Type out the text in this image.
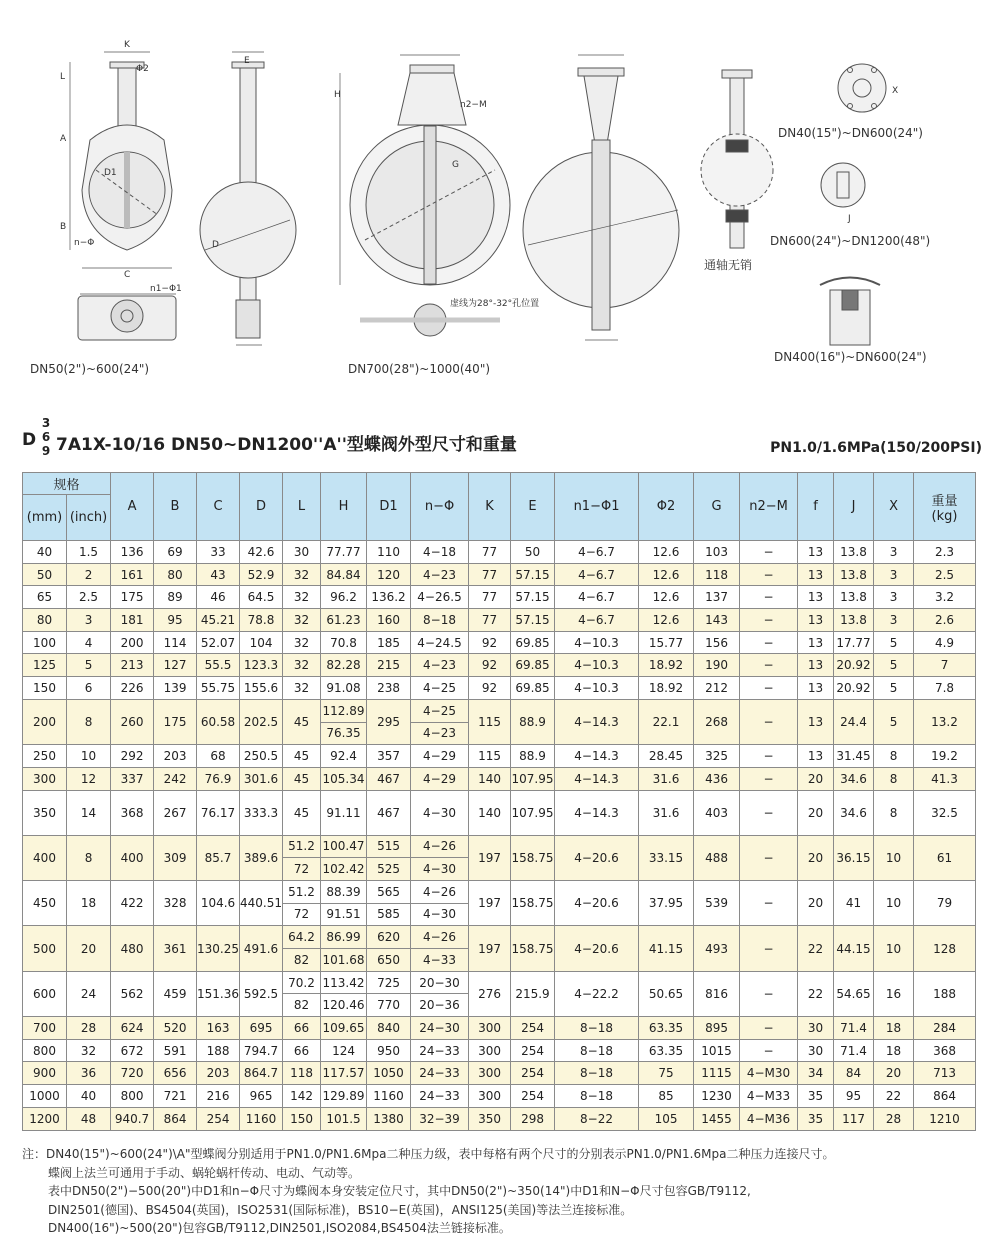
DN50(2")~600(24")	DN700(28")~1000(40")
DN40(15")~DN600(24")
DN600(24")~DN1200(48")
DN400(16")~DN600(24")
通轴无销
K
Φ2
L
A
B
C
E
D
D1
G
H
n−Φ
n2−M
n1−Φ1
X
J
虚线为28°-32°孔位置
D
3
6
9 7A1X-10/16 DN50~DN1200''A''型蝶阀外型尺寸和重量	PN1.0/1.6MPa(150/200PSI)
规格		A	B	C	D	L	H	D1	n−Φ	K	E	n1−Φ1	Φ2	G	n2−M	f	J	X	重量
(kg)

(mm)	(inch)																		
40	1.5	136	69	33	42.6	30	77.77	110	4−18	77	50	4−6.7	12.6	103	−	13	13.8	3	2.3
50	2	161	80	43	52.9	32	84.84	120	4−23	77	57.15	4−6.7	12.6	118	−	13	13.8	3	2.5
65	2.5	175	89	46	64.5	32	96.2	136.2	4−26.5	77	57.15	4−6.7	12.6	137	−	13	13.8	3	3.2
80	3	181	95	45.21	78.8	32	61.23	160	8−18	77	57.15	4−6.7	12.6	143	−	13	13.8	3	2.6
100	4	200	114	52.07	104	32	70.8	185	4−24.5	92	69.85	4−10.3	15.77	156	−	13	17.77	5	4.9
125	5	213	127	55.5	123.3	32	82.28	215	4−23	92	69.85	4−10.3	18.92	190	−	13	20.92	5	7
150	6	226	139	55.75	155.6	32	91.08	238	4−25	92	69.85	4−10.3	18.92	212	−	13	20.92	5	7.8
200	8	260	175	60.58	202.5	45	112.89	295	4−25	115	88.9	4−14.3	22.1	268	−	13	24.4	5	13.2
							76.35		4−23										
250	10	292	203	68	250.5	45	92.4	357	4−29	115	88.9	4−14.3	28.45	325	−	13	31.45	8	19.2
300	12	337	242	76.9	301.6	45	105.34	467	4−29	140	107.95	4−14.3	31.6	436	−	20	34.6	8	41.3
350	14	368	267	76.17	333.3	45	91.11	467	4−30	140	107.95	4−14.3	31.6	403	−	20	34.6	8	32.5
400	8	400	309	85.7	389.6	51.2	100.47	515	4−26	197	158.75	4−20.6	33.15	488	−	20	36.15	10	61
						72	102.42	525	4−30										
450	18	422	328	104.6	440.51	51.2	88.39	565	4−26	197	158.75	4−20.6	37.95	539	−	20	41	10	79
						72	91.51	585	4−30										
500	20	480	361	130.25	491.6	64.2	86.99	620	4−26	197	158.75	4−20.6	41.15	493	−	22	44.15	10	128
						82	101.68	650	4−33										
600	24	562	459	151.36	592.5	70.2	113.42	725	20−30	276	215.9	4−22.2	50.65	816	−	22	54.65	16	188
						82	120.46	770	20−36										
700	28	624	520	163	695	66	109.65	840	24−30	300	254	8−18	63.35	895	−	30	71.4	18	284
800	32	672	591	188	794.7	66	124	950	24−33	300	254	8−18	63.35	1015	−	30	71.4	18	368
900	36	720	656	203	864.7	118	117.57	1050	24−33	300	254	8−18	75	1115	4−M30	34	84	20	713
1000	40	800	721	216	965	142	129.89	1160	24−33	300	254	8−18	85	1230	4−M33	35	95	22	864
1200	48	940.7	864	254	1160	150	101.5	1380	32−39	350	298	8−22	105	1455	4−M36	35	117	28	1210
注：DN40(15")~600(24")\A"型蝶阀分别适用于PN1.0/PN1.6Mpa二种压力级，表中每格有两个尺寸的分别表示PN1.0/PN1.6Mpa二种压力连接尺寸。
蝶阀上法兰可通用于手动、蜗轮蜗杆传动、电动、气动等。
表中DN50(2")−500(20")中D1和n−Φ尺寸为蝶阀本身安装定位尺寸，其中DN50(2")~350(14")中D1和N−Φ尺寸包容GB/T9112,
DIN2501(德国)、BS4504(英国)，ISO2531(国际标准)，BS10−E(英国)，ANSI125(美国)等法兰连接标准。
DN400(16")~500(20")包容GB/T9112,DIN2501,ISO2084,BS4504法兰链接标准。
